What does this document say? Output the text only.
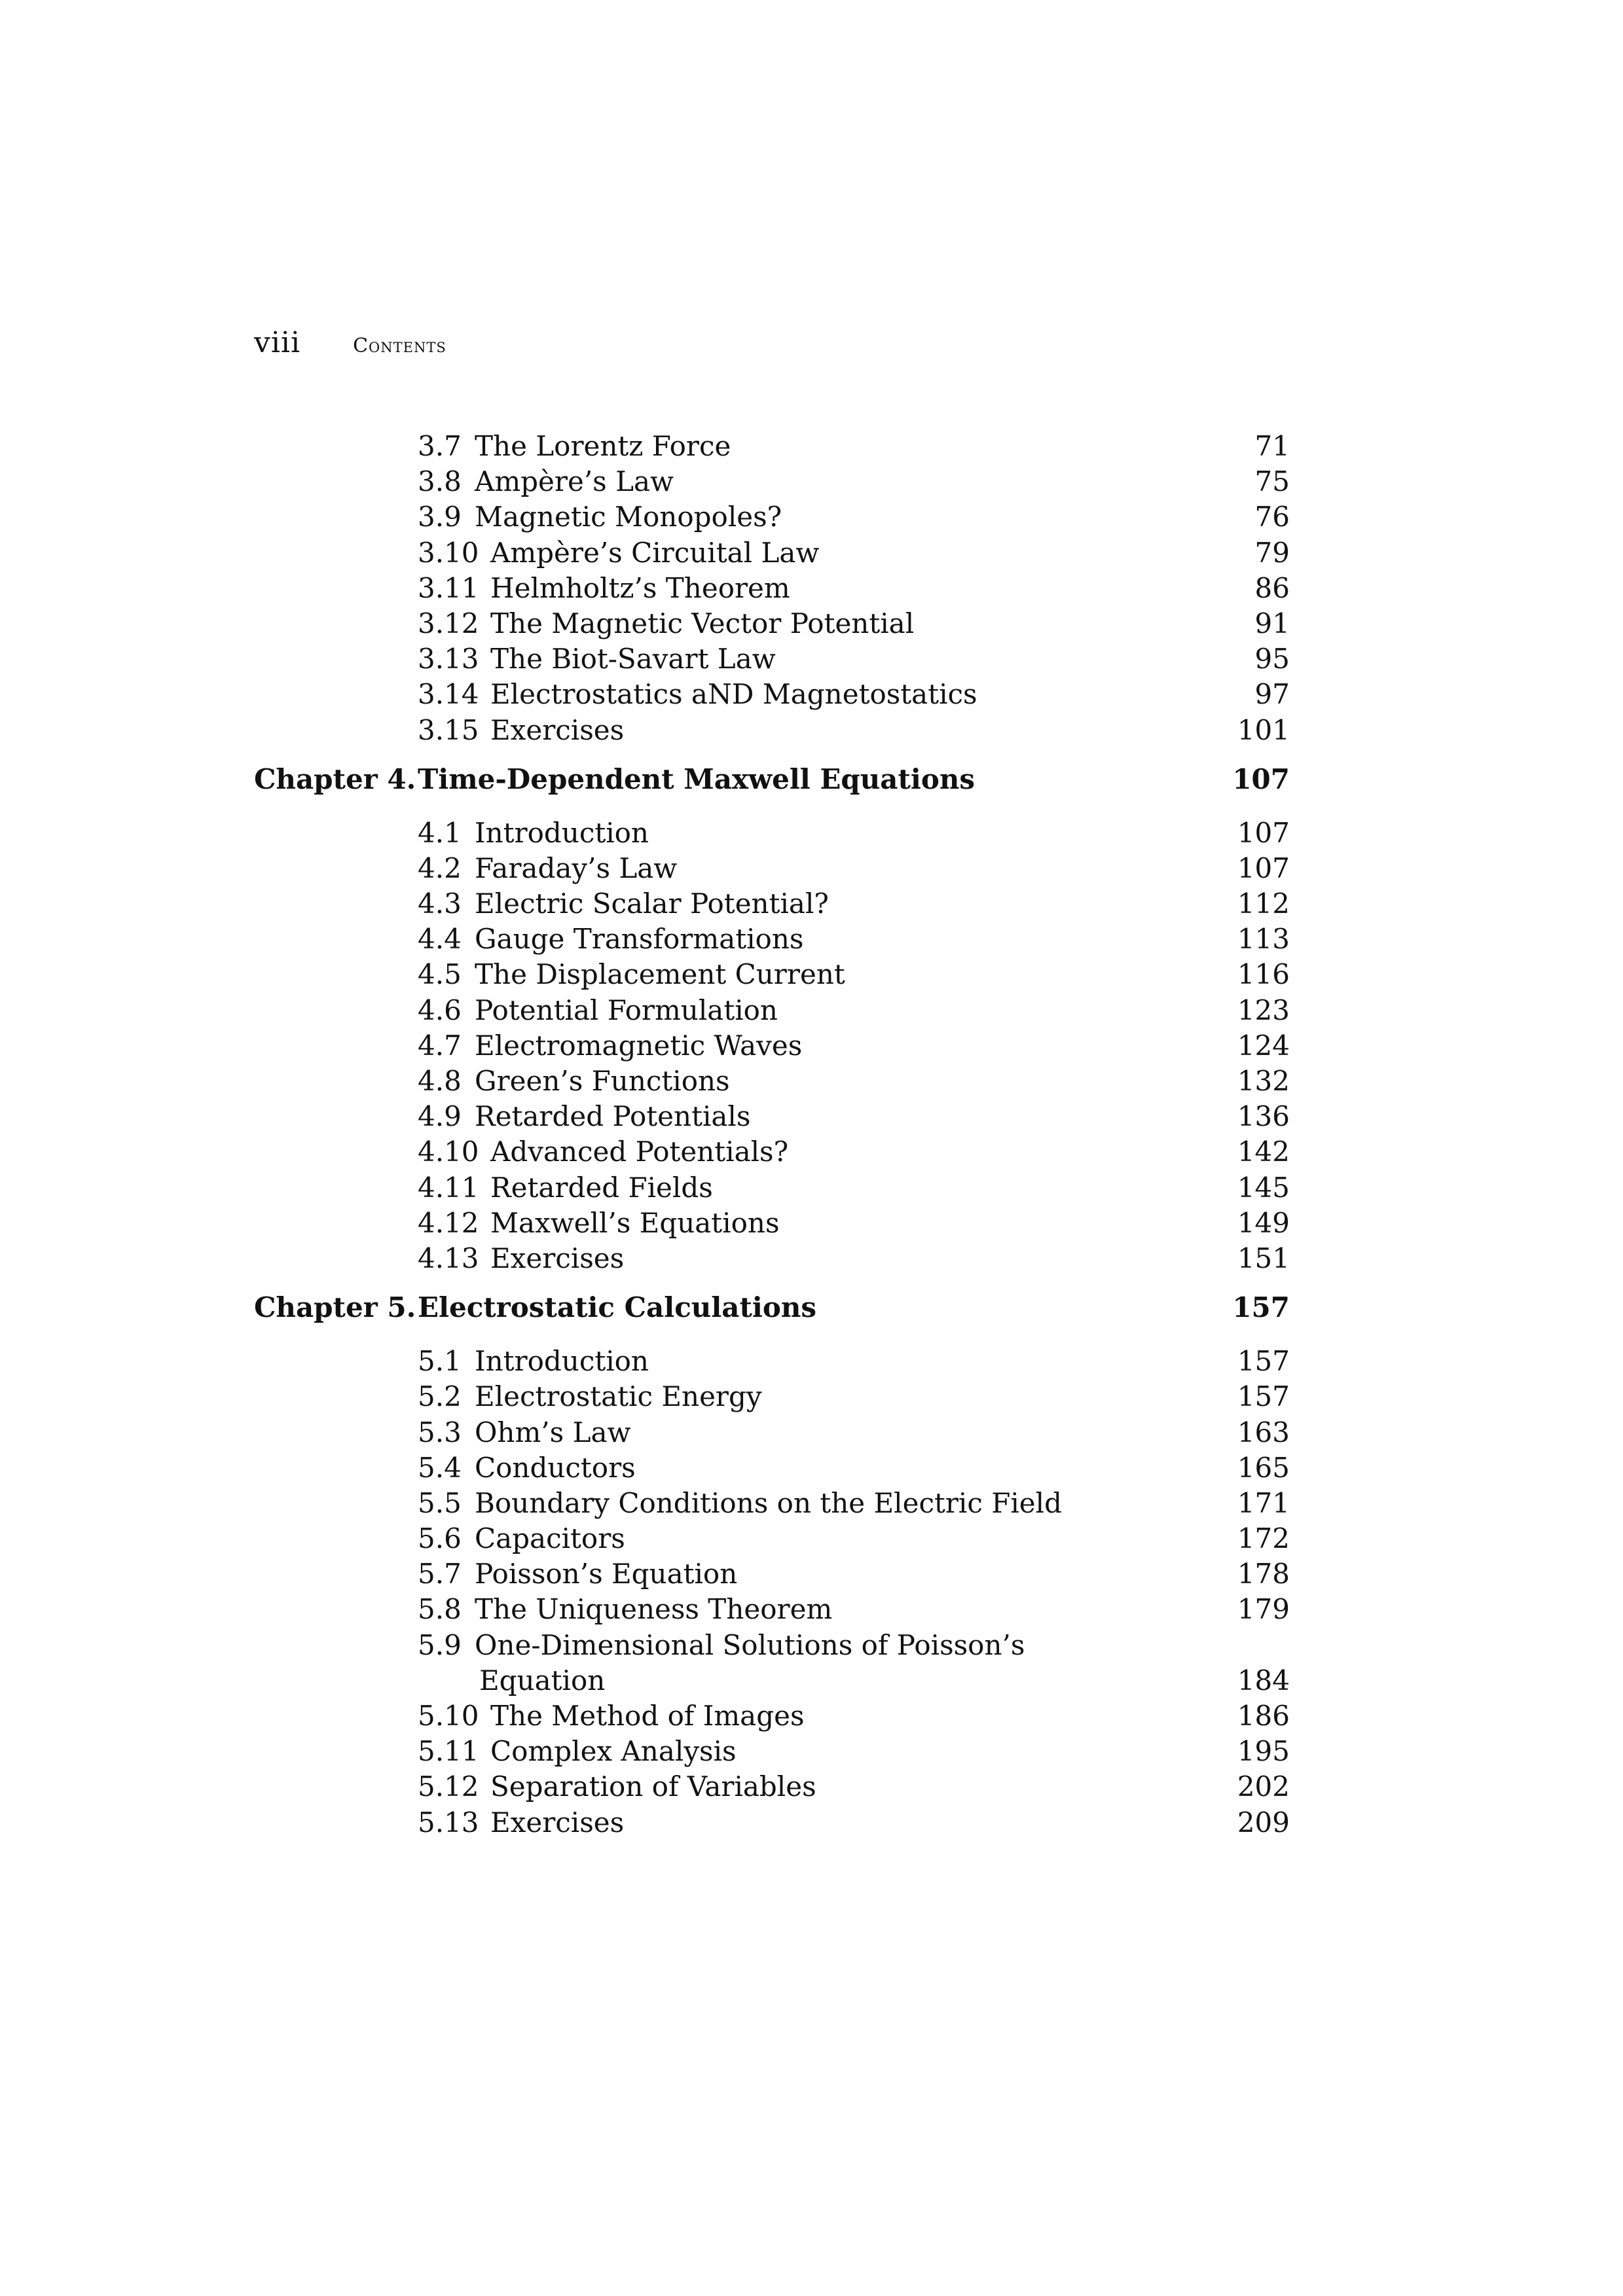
viii	Contents
3.7 The Lorentz Force	71
3.8 Ampère’s Law	75
3.9 Magnetic Monopoles?	76
3.10 Ampère’s Circuital Law	79
3.11 Helmholtz’s Theorem	86
3.12 The Magnetic Vector Potential	91
3.13 The Biot-Savart Law	95
3.14 Electrostatics aND Magnetostatics	97
3.15 Exercises	101
Chapter 4. Time-Dependent Maxwell Equations	107
4.1 Introduction	107
4.2 Faraday’s Law	107
4.3 Electric Scalar Potential?	112
4.4 Gauge Transformations	113
4.5 The Displacement Current	116
4.6 Potential Formulation	123
4.7 Electromagnetic Waves	124
4.8 Green’s Functions	132
4.9 Retarded Potentials	136
4.10 Advanced Potentials?	142
4.11 Retarded Fields	145
4.12 Maxwell’s Equations	149
4.13 Exercises	151
Chapter 5. Electrostatic Calculations	157
5.1 Introduction	157
5.2 Electrostatic Energy	157
5.3 Ohm’s Law	163
5.4 Conductors	165
5.5 Boundary Conditions on the Electric Field	171
5.6 Capacitors	172
5.7 Poisson’s Equation	178
5.8 The Uniqueness Theorem	179
5.9 One-Dimensional Solutions of Poisson’s
Equation	184
5.10 The Method of Images	186
5.11 Complex Analysis	195
5.12 Separation of Variables	202
5.13 Exercises	209
